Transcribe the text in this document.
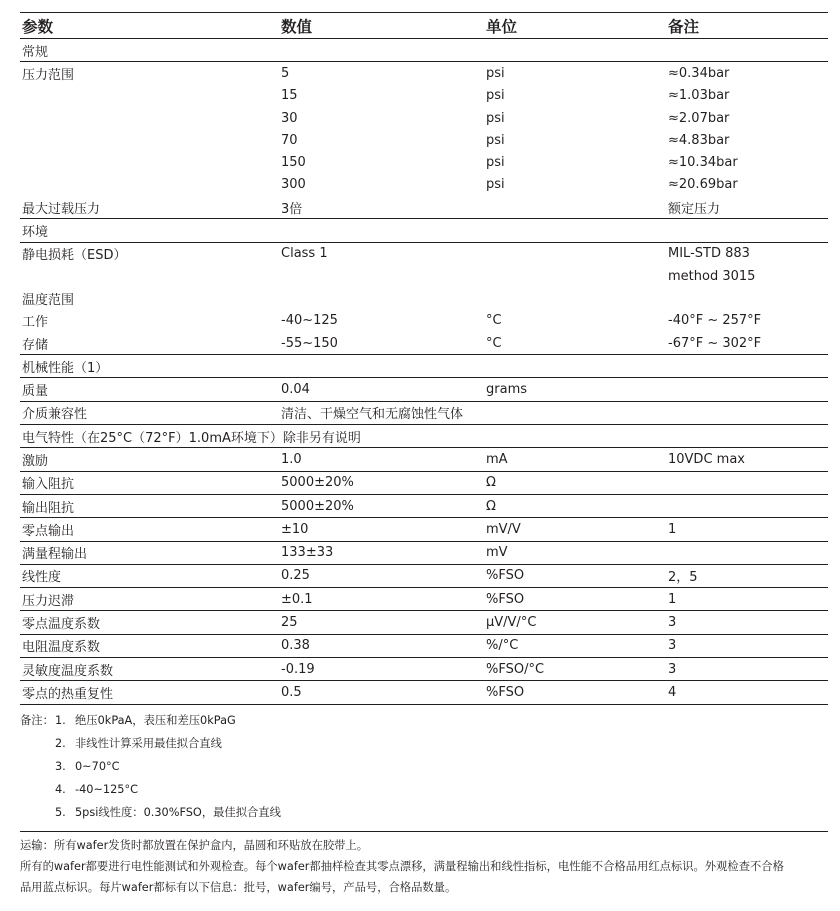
参数	数值	单位	备注
常规			
压力范围	5	psi	≈0.34bar
	15	psi	≈1.03bar
	30	psi	≈2.07bar
	70	psi	≈4.83bar
	150	psi	≈10.34bar
	300	psi	≈20.69bar
最大过载压力	3倍		额定压力
环境			
静电损耗（ESD）	Class 1		MIL-STD 883
			method 3015
温度范围			
工作	-40~125	°C	-40°F ~ 257°F
存储	-55~150	°C	-67°F ~ 302°F
机械性能（1）			
质量	0.04	grams	
介质兼容性	清洁、干燥空气和无腐蚀性气体		
电气特性（在25°C（72°F）1.0mA环境下）除非另有说明			
激励	1.0	mA	10VDC max
输入阻抗	5000±20%	Ω	
输出阻抗	5000±20%	Ω	
零点输出	±10	mV/V	1
满量程输出	133±33	mV	
线性度	0.25	%FSO	2，5
压力迟滞	±0.1	%FSO	1
零点温度系数	25	μV/V/°C	3
电阻温度系数	0.38	%/°C	3
灵敏度温度系数	-0.19	%FSO/°C	3
零点的热重复性	0.5	%FSO	4
备注： 1. 绝压0kPaA，表压和差压0kPaG
2. 非线性计算采用最佳拟合直线
3. 0~70°C
4. -40~125°C
5. 5psi线性度：0.30%FSO，最佳拟合直线
运输：所有wafer发货时都放置在保护盒内，晶圆和环贴放在胶带上。
所有的wafer都要进行电性能测试和外观检查。每个wafer都抽样检查其零点漂移，满量程输出和线性指标，电性能不合格品用红点标识。外观检查不合格
品用蓝点标识。每片wafer都标有以下信息：批号，wafer编号，产品号，合格品数量。
